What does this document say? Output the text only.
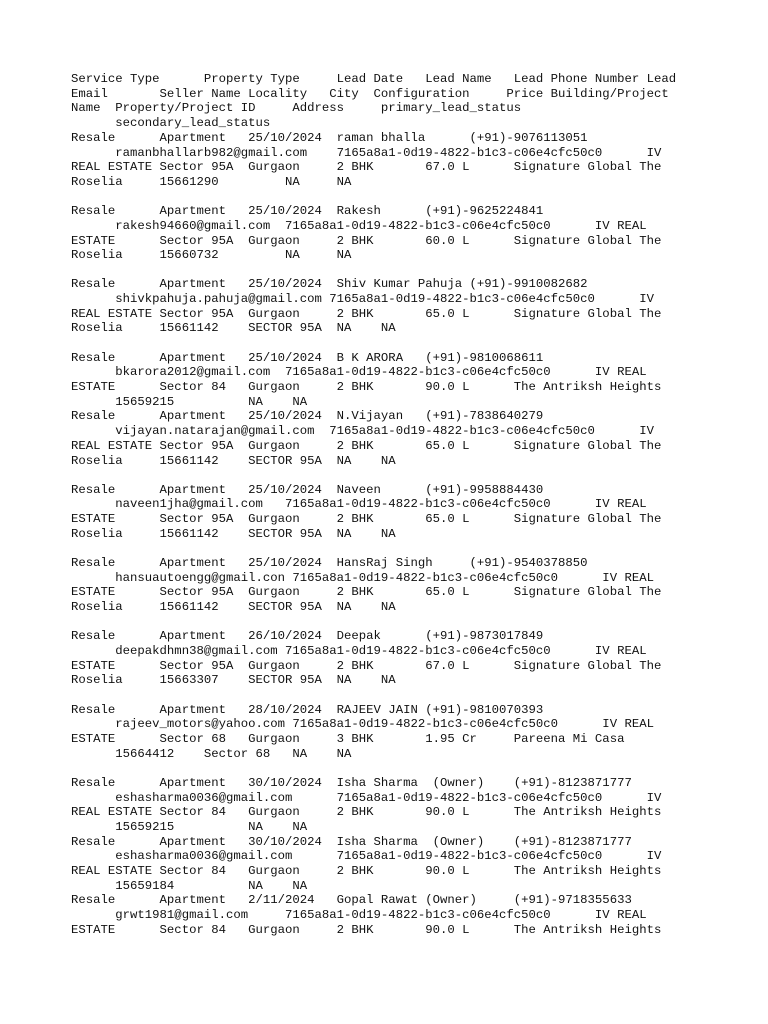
Service Type      Property Type     Lead Date   Lead Name   Lead Phone Number Lead
Email       Seller Name Locality   City  Configuration     Price Building/Project
Name  Property/Project ID     Address     primary_lead_status
secondary_lead_status
Resale      Apartment   25/10/2024  raman bhalla      (+91)-9076113051
ramanbhallarb982@gmail.com    7165a8a1-0d19-4822-b1c3-c06e4cfc50c0      IV
REAL ESTATE Sector 95A  Gurgaon     2 BHK       67.0 L      Signature Global The
Roselia     15661290         NA     NA
Resale      Apartment   25/10/2024  Rakesh      (+91)-9625224841
rakesh94660@gmail.com  7165a8a1-0d19-4822-b1c3-c06e4cfc50c0      IV REAL
ESTATE      Sector 95A  Gurgaon     2 BHK       60.0 L      Signature Global The
Roselia     15660732         NA     NA
Resale      Apartment   25/10/2024  Shiv Kumar Pahuja (+91)-9910082682
shivkpahuja.pahuja@gmail.com 7165a8a1-0d19-4822-b1c3-c06e4cfc50c0      IV
REAL ESTATE Sector 95A  Gurgaon     2 BHK       65.0 L      Signature Global The
Roselia     15661142    SECTOR 95A  NA    NA
Resale      Apartment   25/10/2024  B K ARORA   (+91)-9810068611
bkarora2012@gmail.com  7165a8a1-0d19-4822-b1c3-c06e4cfc50c0      IV REAL
ESTATE      Sector 84   Gurgaon     2 BHK       90.0 L      The Antriksh Heights
15659215          NA    NA
Resale      Apartment   25/10/2024  N.Vijayan   (+91)-7838640279
vijayan.natarajan@gmail.com  7165a8a1-0d19-4822-b1c3-c06e4cfc50c0      IV
REAL ESTATE Sector 95A  Gurgaon     2 BHK       65.0 L      Signature Global The
Roselia     15661142    SECTOR 95A  NA    NA
Resale      Apartment   25/10/2024  Naveen      (+91)-9958884430
naveen1jha@gmail.com   7165a8a1-0d19-4822-b1c3-c06e4cfc50c0      IV REAL
ESTATE      Sector 95A  Gurgaon     2 BHK       65.0 L      Signature Global The
Roselia     15661142    SECTOR 95A  NA    NA
Resale      Apartment   25/10/2024  HansRaj Singh     (+91)-9540378850
hansuautoengg@gmail.con 7165a8a1-0d19-4822-b1c3-c06e4cfc50c0      IV REAL
ESTATE      Sector 95A  Gurgaon     2 BHK       65.0 L      Signature Global The
Roselia     15661142    SECTOR 95A  NA    NA
Resale      Apartment   26/10/2024  Deepak      (+91)-9873017849
deepakdhmn38@gmail.com 7165a8a1-0d19-4822-b1c3-c06e4cfc50c0      IV REAL
ESTATE      Sector 95A  Gurgaon     2 BHK       67.0 L      Signature Global The
Roselia     15663307    SECTOR 95A  NA    NA
Resale      Apartment   28/10/2024  RAJEEV JAIN (+91)-9810070393
rajeev_motors@yahoo.com 7165a8a1-0d19-4822-b1c3-c06e4cfc50c0      IV REAL
ESTATE      Sector 68   Gurgaon     3 BHK       1.95 Cr     Pareena Mi Casa
15664412    Sector 68   NA    NA
Resale      Apartment   30/10/2024  Isha Sharma  (Owner)    (+91)-8123871777
eshasharma0036@gmail.com      7165a8a1-0d19-4822-b1c3-c06e4cfc50c0      IV
REAL ESTATE Sector 84   Gurgaon     2 BHK       90.0 L      The Antriksh Heights
15659215          NA    NA
Resale      Apartment   30/10/2024  Isha Sharma  (Owner)    (+91)-8123871777
eshasharma0036@gmail.com      7165a8a1-0d19-4822-b1c3-c06e4cfc50c0      IV
REAL ESTATE Sector 84   Gurgaon     2 BHK       90.0 L      The Antriksh Heights
15659184          NA    NA
Resale      Apartment   2/11/2024   Gopal Rawat (Owner)     (+91)-9718355633
grwt1981@gmail.com     7165a8a1-0d19-4822-b1c3-c06e4cfc50c0      IV REAL
ESTATE      Sector 84   Gurgaon     2 BHK       90.0 L      The Antriksh Heights
